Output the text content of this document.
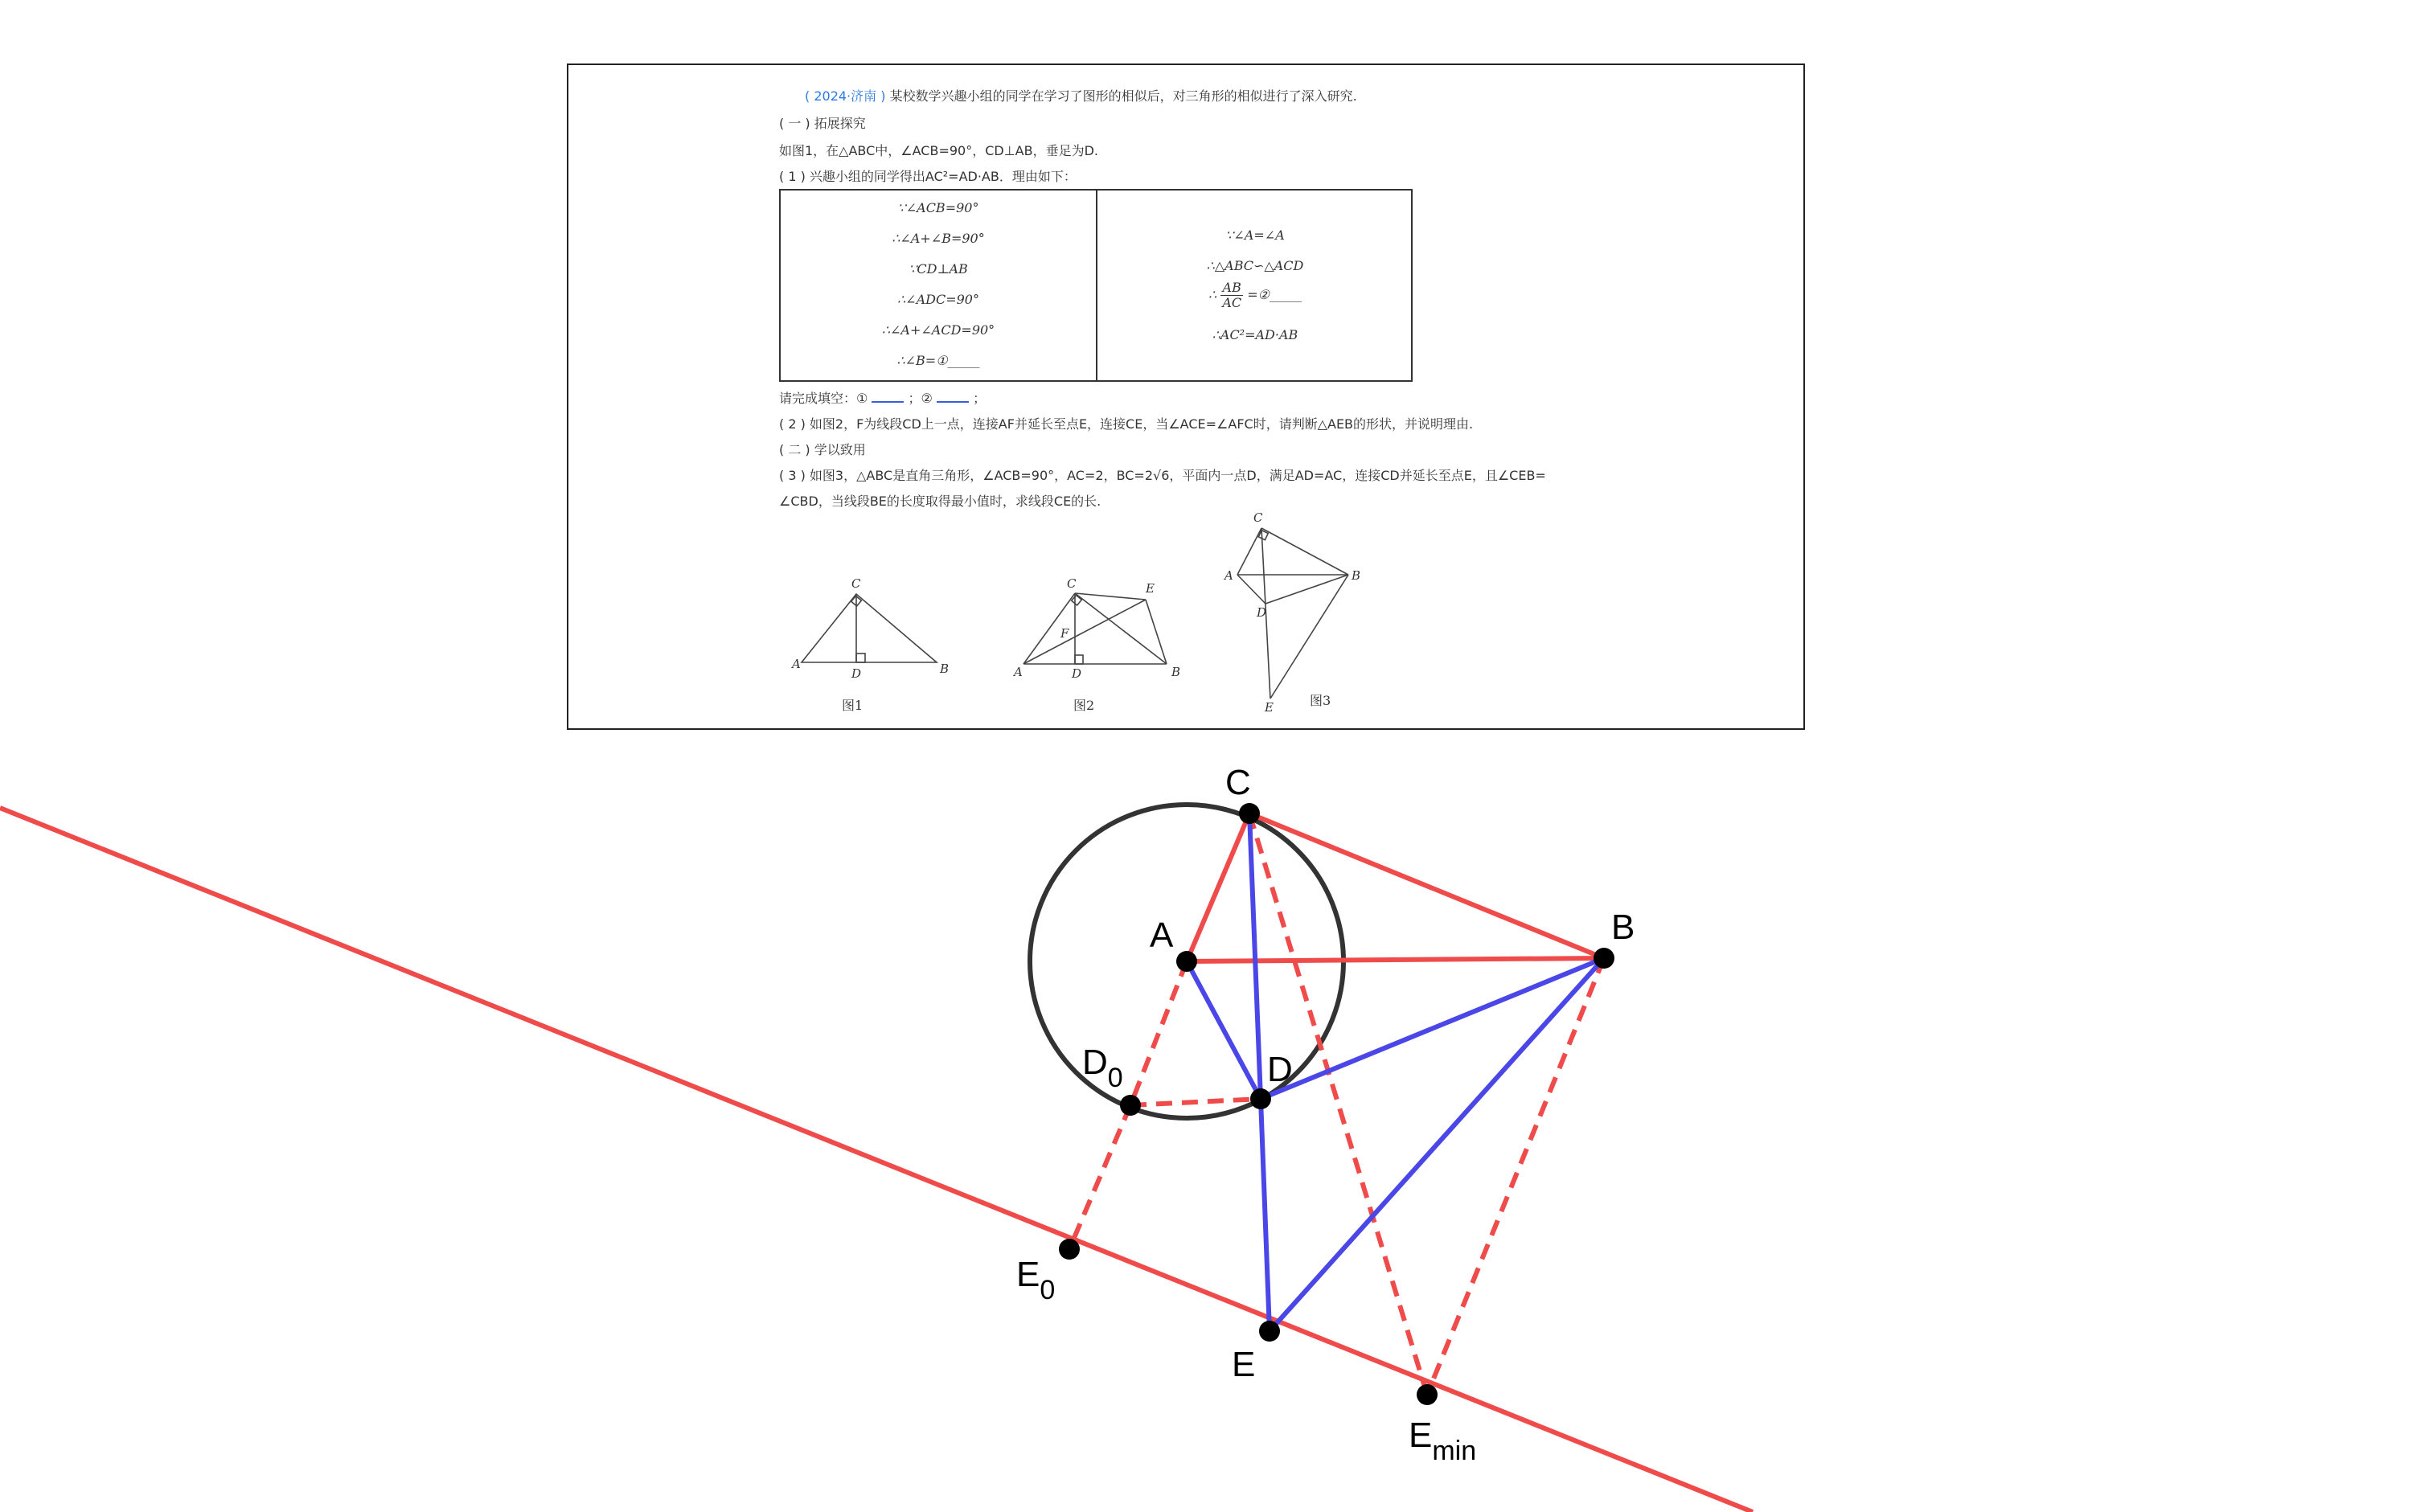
( 2024·济南 ) 某校数学兴趣小组的同学在学习了图形的相似后，对三角形的相似进行了深入研究.

( 一 ) 拓展探究

如图1，在△ABC中，∠ACB=90°，CD⊥AB，垂足为D.

( 1 ) 兴趣小组的同学得出AC²=AD·AB．理由如下：

∵∠ACB=90°
∴∠A+∠B=90°
∵CD⊥AB
∴∠ADC=90°
∴∠A+∠ACD=90°
∴∠B=①_____
∵∠A=∠A
∴△ABC∽△ACD
∴ $\frac{AB}{AC}$ =②_____
∴AC²=AD·AB

请完成填空：①	；②	；

( 2 ) 如图2，F为线段CD上一点，连接AF并延长至点E，连接CE，当∠ACE=∠AFC时，请判断△AEB的形状，并说明理由.

( 二 ) 学以致用

( 3 ) 如图3，△ABC是直角三角形，∠ACB=90°，AC=2，BC=2√6，平面内一点D，满足AD=AC，连接CD并延长至点E，且∠CEB=

∠CBD，当线段BE的长度取得最小值时，求线段CE的长.

A	B
C
D
图1
A	B
C
D
E
F
图2
C
A	B
D
E	图3
C
A	B
D
$D_0$
$E_0$
E
$E_{min}$
